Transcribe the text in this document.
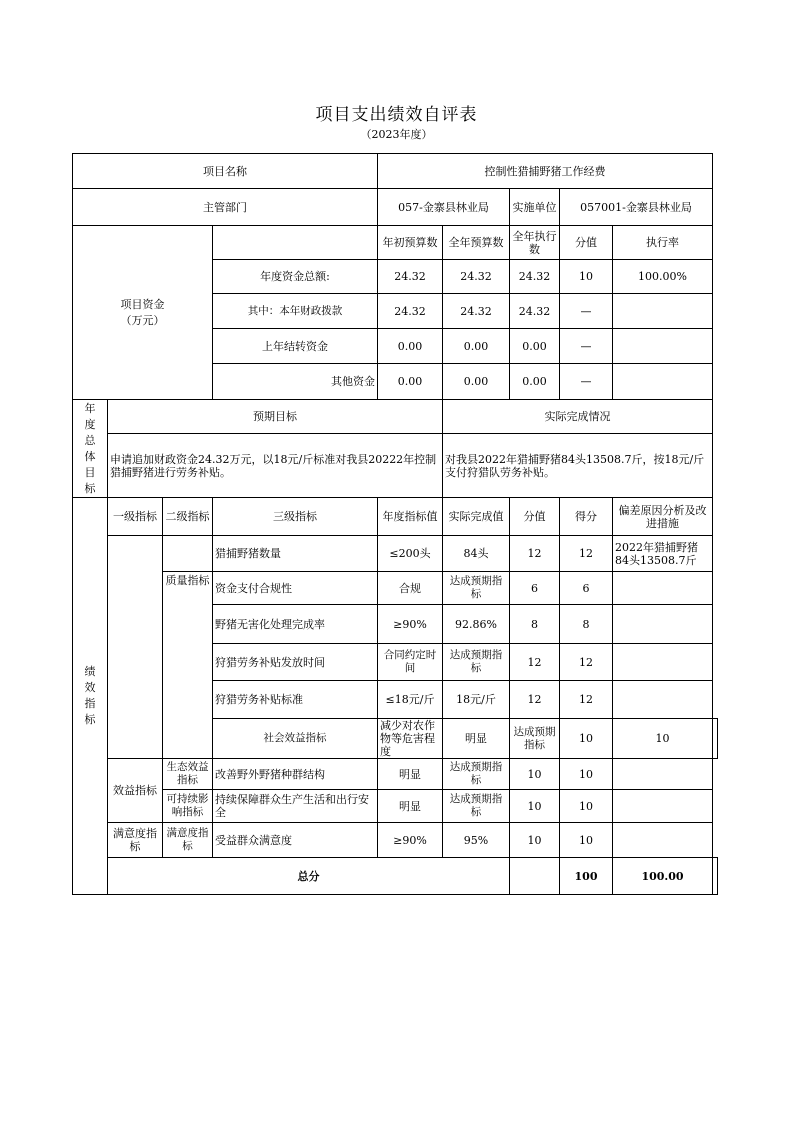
项目支出绩效自评表
（2023年度）
项目名称				控制性猎捕野猪工作经费					
主管部门				057-金寨县林业局		实施单位	057001-金寨县林业局		
项目资金（万元）				年初预算数	全年预算数	全年执行数	分值	执行率	
			年度资金总额:	24.32	24.32	24.32	10	100.00%	
			其中：本年财政拨款	24.32	24.32	24.32	—		
			上年结转资金	0.00	0.00	0.00	—		
			其他资金	0.00	0.00	0.00	—		
年度总体目标	预期目标				实际完成情况				
	申请追加财政资金24.32万元，以18元/斤标准对我县20222年控制猎捕野猪进行劳务补贴。				对我县2022年猎捕野猪84头13508.7斤，按18元/斤支付狩猎队劳务补贴。				
绩效指标	一级指标	二级指标	三级指标	年度指标值	实际完成值	分值	得分	偏差原因分析及改进措施	
			猎捕野猪数量	≤200头	84头	12	12	2022年猎捕野猪84头13508.7斤	

		质量指标	资金支付合规性	合规	达成预期指标	6	6		
			野猪无害化处理完成率	≥90%	92.86%	8	8		
			狩猎劳务补贴发放时间	合同约定时间	达成预期指标	12	12		
			狩猎劳务补贴标准	≤18元/斤	18元/斤	12	12		
			社会效益指标	减少对农作物等危害程度	明显	达成预期指标	10	10	
	效益指标	生态效益指标	改善野外野猪种群结构	明显	达成预期指标	10	10		
		可持续影响指标	持续保障群众生产生活和出行安全	明显	达成预期指标	10	10		
	满意度指标	满意度指标	受益群众满意度	≥90%	95%	10	10		
	总分						100	100.00	
